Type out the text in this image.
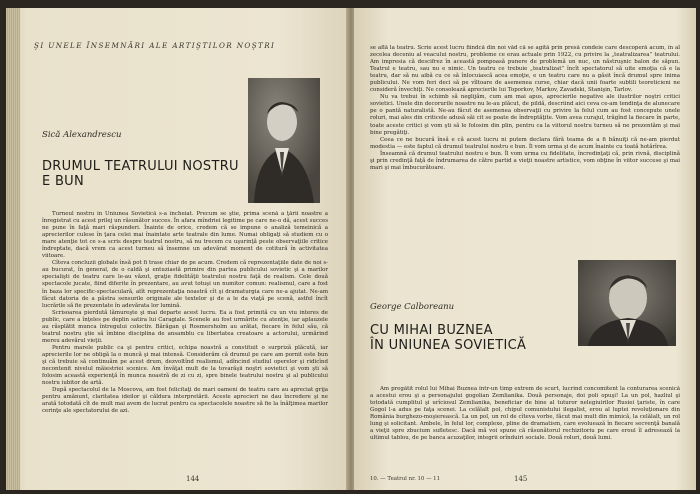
ŞI UNELE ÎNSEMNĂRI ALE ARTIŞTILOR NOŞTRI
Sică Alexandrescu
DRUMUL TEATRULUI NOSTRU
E BUN

Turneul nostru în Uniunea Sovietică s-a încheiat. Precum se ştie, prima scenă a ţării noastre a înregistrat cu acest prilej un răsunător succes. În afara mîndriei legitime pe care ne-o dă, acest succes ne pune în faţă mari răspunderi. Înainte de orice, credem că se impune o analiză temeinică a aprecierilor culese în ţara celei mai înaintate arte teatrale din lume. Numai obligaţi să studiem cu o mare atenţie tot ce s-a scris despre teatrul nostru, să nu trecem cu uşurinţă peste observaţiile critice îndreptate, dacă vrem ca acest turneu să însemne un adevărat moment de cotitură în activitatea viitoare.

Cîteva concluzii globale însă pot fi trase chiar de pe acum. Credem că reprezentaţiile date de noi s-au bucurat, în general, de o caldă şi entuziastă primire din partea publicului sovietic şi a marilor specialişti de teatru care le-au văzut, graţie fidelităţii teatrului nostru faţă de realism. Cele două spectacole jucate, fiind diferite în prezentare, au avut totuşi un numitor comun: realismul, care a fost în baza lor specific-spectaculară, atît reprezentaţia noastră cît şi dramaturgia care ne-a ajutat. Ne-am făcut datoria de a păstra sensurile originale ale textelor şi de a le da viaţă pe scenă, astfel încît lucrările să fie prezentate în adevărata lor lumină.

Scrisoarea pierdută lămureşte şi mai departe acest lucru. Ea a fost primită cu un viu interes de public, care a înţeles pe deplin satira lui Caragiale. Scenele au fost urmărite cu atenţie, iar aplauzele au răsplătit munca întregului colectiv. Bărăgan şi Rosmersholm au arătat, fiecare în felul său, că teatrul nostru ştie să îmbine disciplina de ansamblu cu libertatea creatoare a actorului, urmărind mereu adevărul vieţii.

Pentru marele public ca şi pentru critici, echipa noastră a constituit o surpriză plăcută, iar aprecierile lor ne obligă la o muncă şi mai intensă. Considerăm că drumul pe care am pornit este bun şi că trebuie să continuăm pe acest drum, dezvoltînd realismul, adîncind studiul operelor şi ridicînd necontenit nivelul măiestriei scenice. Am învăţat mult de la tovarăşii noştri sovietici şi vom şti să folosim această experienţă în munca noastră de zi cu zi, spre binele teatrului nostru şi al publicului nostru iubitor de artă.

După spectacolul de la Moscova, am fost felicitaţi de mari oameni de teatru care au apreciat grija pentru amănunt, claritatea ideilor şi căldura interpretării. Aceste aprecieri ne dau încredere şi ne arată totodată cît de mult mai avem de lucrat pentru ca spectacolele noastre să fie la înălţimea marilor cerinţe ale spectatorului de azi.

144

se află la teatru. Scrie acest lucru fiindcă din noi văd că se agită prin presă condeie care descoperă acum, în al zecelea deceniu al veacului nostru, probleme ce erau actuale prin 1922, cu privire la „teatralizarea” teatrului. Am impresia că descifrez în această pompoasă punere de problemă un nuc, un năstruşnic balon de săpun. Teatrul e teatru, sau nu e nimic. Un teatru ce trebuie „teatralizat” încît spectatorul să uite emoţia că e la teatru, dar să nu aibă cu ce să înlocuiască acea emoţie, e un teatru care nu a găsit încă drumul spre inima publicului. Ne vom feri deci să pe vîltoare de asemenea curse, chiar dacă unii foarte subtili teoreticieni ne consideră învechiţi. Ne consolează aprecierile lui Toporkov, Markov, Zavadski, Stanişin, Tarlov.

Nu va trebui în schimb să neglijăm, cum am mai apus, aprecierile negative ale ilustrilor noştri critici sovietici. Unele din decorurile noastre nu le-au plăcut, de pildă, descriind aici ceva ce-am tendinţa de alunecare pe o pantă naturalistă. Ne-au făcut de asemenea observaţii cu privire la felul cum au fost concepute unele roluri, mai ales din criticele adusă săi cit se poate de îndreptăţite. Vom avea curajul, trăgînd la fiecare în parte, toate aceste critici şi vom şti să le folosim din plin, pentru ca la viitorul nostru turneu să ne prezentăm şi mai bine pregătiţi.

Ceea ce ne bucură însă e că acest lucru ni putem declara fără teama de a fi bănuiţi că ne-am pierdut modestia — este faptul că drumul teatrului nostru e bun. Îl vom urma şi de acum înainte cu toată hotărîrea.

Înseamnă că drumul teatrului nostru e bun. Îl vom urma cu fidelitate, încredinţaţi că, prin rivnă, disciplină şi prin credinţă faţă de îndrumarea de către partid a vieţii noastre artistice, vom obţine în viitor succese şi mai mari şi mai îmbucurătoare.

George Calboreanu
CU MIHAI BUZNEA
ÎN UNIUNEA SOVIETICĂ

Am pregătit rolul lui Mihai Buznea într-un timp extrem de scurt, lucrînd concomitent la conturarea scenică a acestui erou şi a personajului gogolian Zemlianika. Două personaje, doi poli opuşi! La un pol, hazliul şi totodată cumplitul şi urîciosul Zemlianika, beneficiar de bine al tuturor nelegiuirilor Rusiei ţariste, în care Gogol l-a adus pe faţa scenei. La celălalt pol, chipul comunistului ilegalist, erou al luptei revoluţionare din România burghezo-moşierească. La un pol, un rol de cîteva vorbe, făcut mai mult din mimică, la celălalt, un rol lung şi solicitant. Ambele, în felul lor, complexe, pline de dramatism, care evoluează în fiecare secvenţă banală a vieţii spre zbucium sufletesc. Dacă mă voi spune că răsunătorul rechizitoriu pe care eroul îl adresează la ultimul tablou, de pe banca acuzaţilor, integrii orînduiri sociale. Două roluri, două lumi.

10. — Teatrul nr. 10 — 11	145
